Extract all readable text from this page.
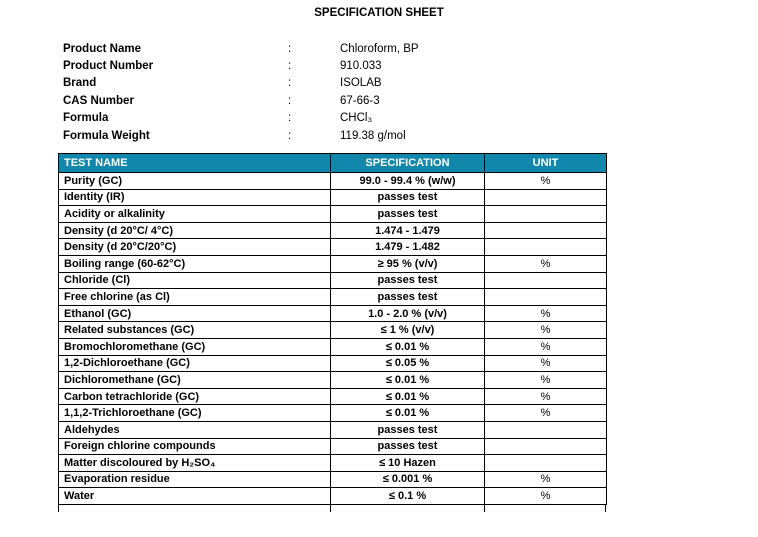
SPECIFICATION SHEET
Product Name	:	Chloroform, BP
Product Number	:	910.033
Brand	:	ISOLAB
CAS Number	:	67-66-3
Formula	:	CHCl₃
Formula Weight	:	119.38 g/mol
TEST NAME	SPECIFICATION	UNIT
Purity (GC)	99.0 - 99.4 % (w/w)	%
Identity (IR)	passes test	
Acidity or alkalinity	passes test	
Density (d 20°C/ 4°C)	1.474 - 1.479	
Density (d 20°C/20°C)	1.479 - 1.482	
Boiling range (60-62°C)	≥ 95 % (v/v)	%
Chloride (Cl)	passes test	
Free chlorine (as Cl)	passes test	
Ethanol (GC)	1.0 - 2.0 % (v/v)	%
Related substances (GC)	≤ 1 % (v/v)	%
Bromochloromethane (GC)	≤ 0.01 %	%
1,2-Dichloroethane (GC)	≤ 0.05 %	%
Dichloromethane (GC)	≤ 0.01 %	%
Carbon tetrachloride (GC)	≤ 0.01 %	%
1,1,2-Trichloroethane (GC)	≤ 0.01 %	%
Aldehydes	passes test	
Foreign chlorine compounds	passes test	
Matter discoloured by H₂SO₄	≤ 10 Hazen	
Evaporation residue	≤ 0.001 %	%
Water	≤ 0.1 %	%
